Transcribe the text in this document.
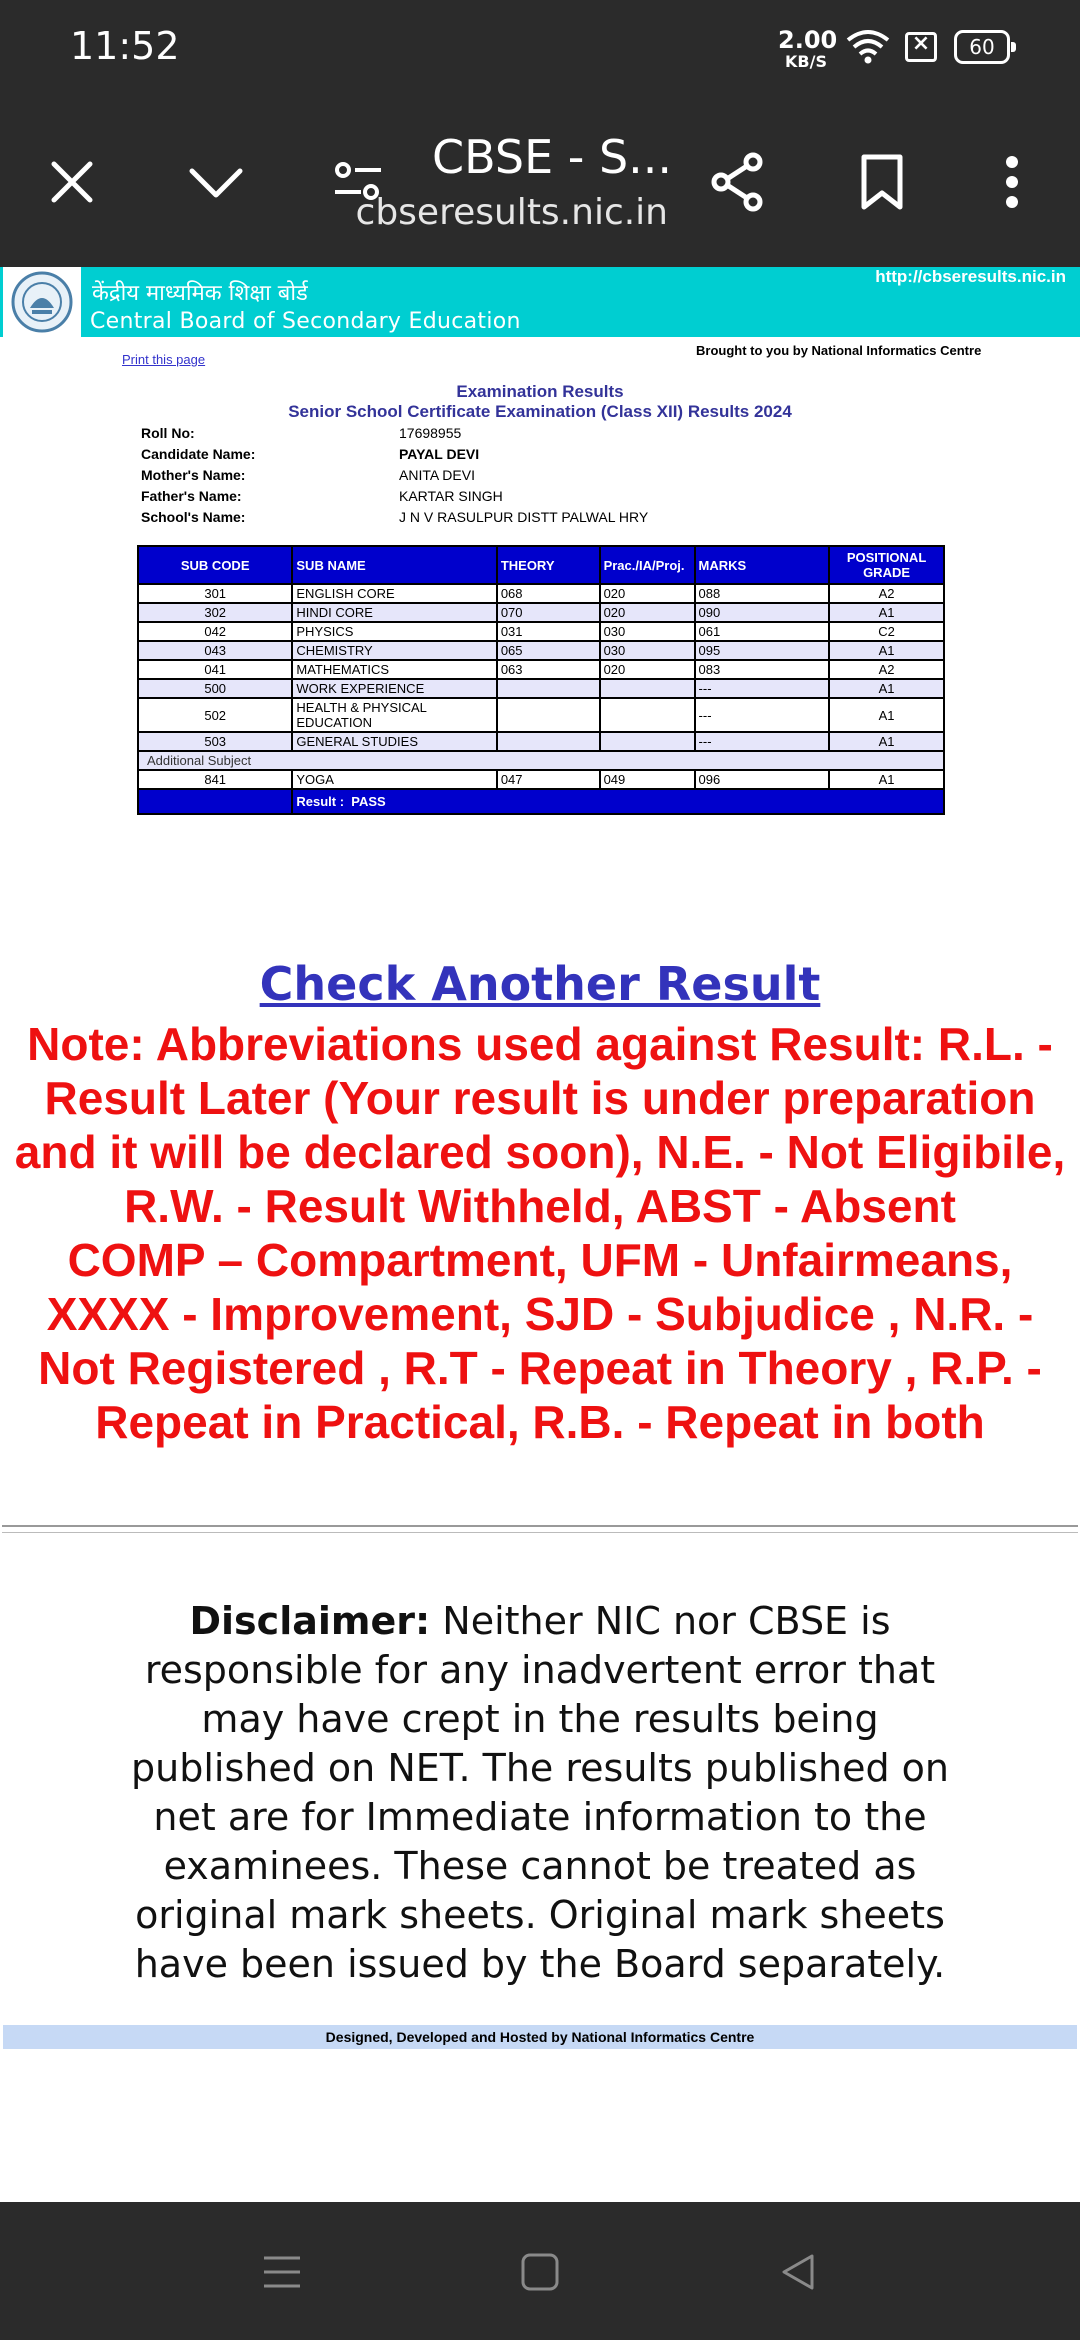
11:52	2.00
KB/S
×	60
CBSE - S...
cbseresults.nic.in
केंद्रीय माध्यमिक शिक्षा बोर्ड
Central Board of Secondary Education
http://cbseresults.nic.in
Print this page
Brought to you by National Informatics Centre
Examination Results
Senior School Certificate Examination (Class XII) Results 2024
Roll No:	17698955
Candidate Name:	PAYAL DEVI
Mother's Name:	ANITA DEVI
Father's Name:	KARTAR SINGH
School's Name:	J N V RASULPUR DISTT PALWAL HRY
SUB CODE	SUB NAME	THEORY	Prac./IA/Proj.	MARKS	POSITIONAL GRADE
301	ENGLISH CORE	068	020	088	A2
302	HINDI CORE	070	020	090	A1
042	PHYSICS	031	030	061	C2
043	CHEMISTRY	065	030	095	A1
041	MATHEMATICS	063	020	083	A2
500	WORK EXPERIENCE			---	A1
502	HEALTH & PHYSICAL EDUCATION			---	A1
503	GENERAL STUDIES			---	A1
Additional Subject					
841	YOGA	047	049	096	A1
	Result : PASS				
Check Another Result
Note: Abbreviations used against Result: R.L. - Result Later (Your result is under preparation and it will be declared soon), N.E. - Not Eligibile, R.W. - Result Withheld, ABST - Absent
COMP – Compartment, UFM - Unfairmeans, XXXX - Improvement, SJD - Subjudice , N.R. - Not Registered , R.T - Repeat in Theory , R.P. - Repeat in Practical, R.B. - Repeat in both
Disclaimer: Neither NIC nor CBSE is responsible for any inadvertent error that may have crept in the results being published on NET. The results published on net are for Immediate information to the examinees. These cannot be treated as original mark sheets. Original mark sheets have been issued by the Board separately.
Designed, Developed and Hosted by National Informatics Centre
